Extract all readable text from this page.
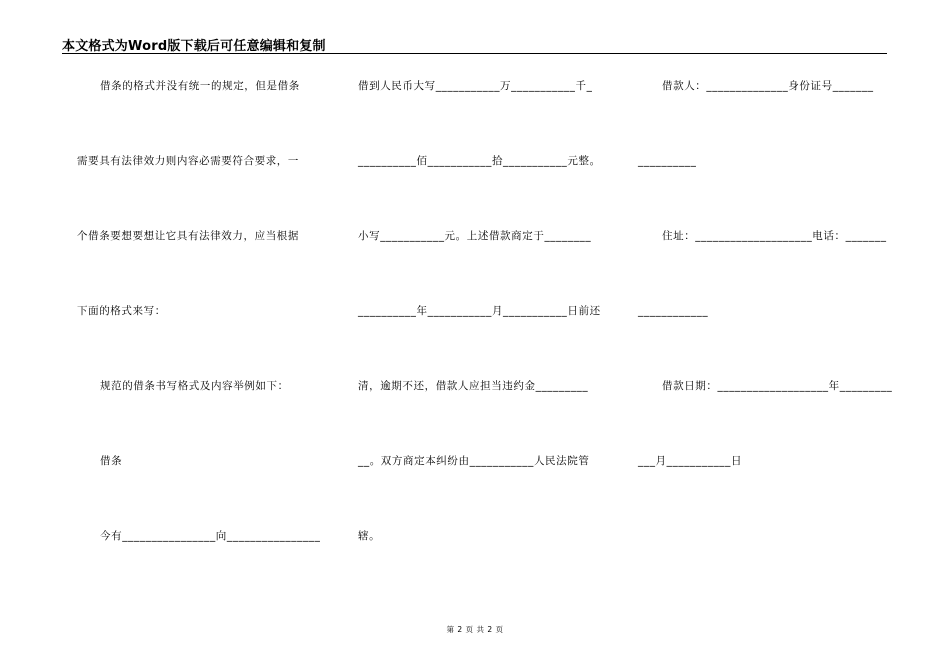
本文格式为Word版下载后可任意编辑和复制
借条的格式并没有统一的规定，但是借条
需要具有法律效力则内容必需要符合要求，一
个借条要想要想让它具有法律效力，应当根据
下面的格式来写：
规范的借条书写格式及内容举例如下：
借条
今有________________向________________
借到人民币大写___________万___________千_
__________佰___________拾___________元整。
小写___________元。上述借款商定于________
__________年___________月___________日前还
清，逾期不还，借款人应担当违约金_________
__。双方商定本纠纷由___________人民法院管
辖。
借款人：______________身份证号_______
__________
住址：____________________电话：_______
____________
借款日期：___________________年_________
___月___________日
第 2 页 共 2 页
